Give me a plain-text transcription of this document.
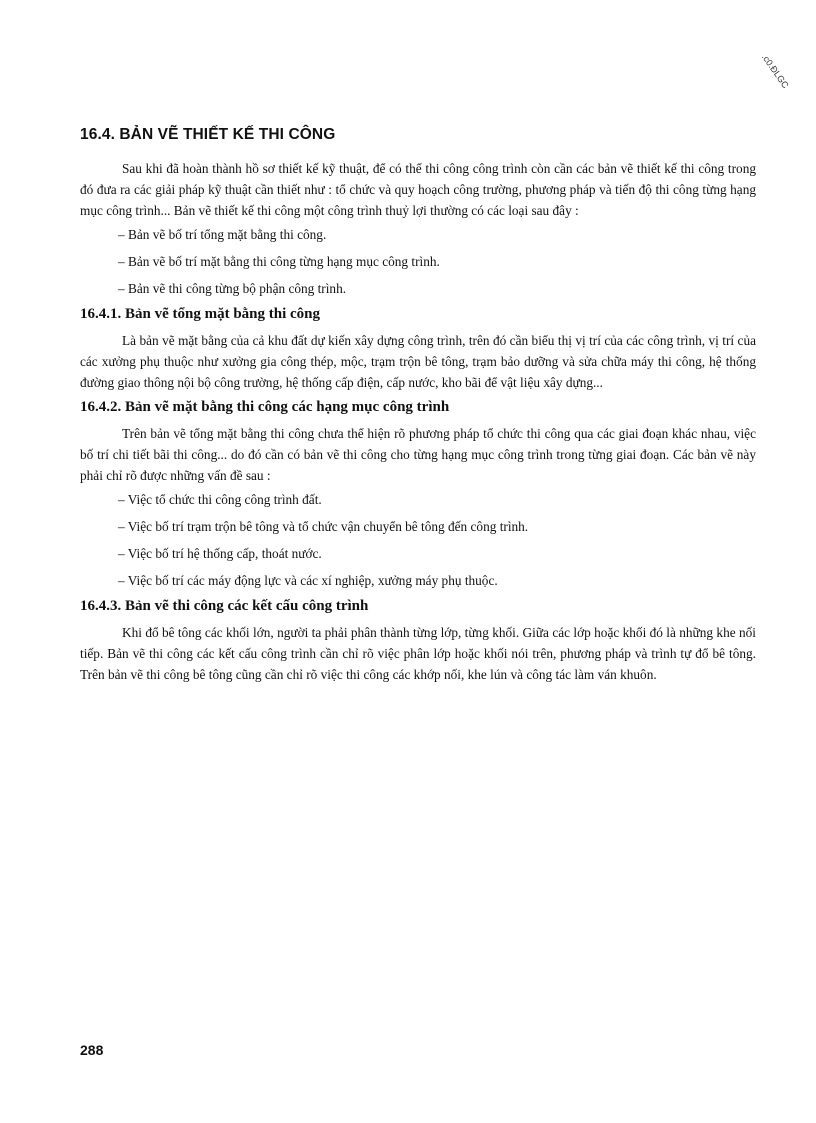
.c0.ĐLGC
16.4. BẢN VẼ THIẾT KẾ THI CÔNG

Sau khi đã hoàn thành hồ sơ thiết kế kỹ thuật, để có thể thi công công trình còn cần các bản vẽ thiết kế thi công trong đó đưa ra các giải pháp kỹ thuật cần thiết như : tổ chức và quy hoạch công trường, phương pháp và tiến độ thi công từng hạng mục công trình... Bản vẽ thiết kế thi công một công trình thuỷ lợi thường có các loại sau đây :

– Bản vẽ bố trí tổng mặt bằng thi công.
– Bản vẽ bố trí mặt bằng thi công từng hạng mục công trình.
– Bản vẽ thi công từng bộ phận công trình.
16.4.1. Bản vẽ tổng mặt bằng thi công

Là bản vẽ mặt bằng của cả khu đất dự kiến xây dựng công trình, trên đó cần biểu thị vị trí của các công trình, vị trí của các xưởng phụ thuộc như xưởng gia công thép, mộc, trạm trộn bê tông, trạm bảo dưỡng và sửa chữa máy thi công, hệ thống đường giao thông nội bộ công trường, hệ thống cấp điện, cấp nước, kho bãi để vật liệu xây dựng...

16.4.2. Bản vẽ mặt bằng thi công các hạng mục công trình

Trên bản vẽ tổng mặt bằng thi công chưa thể hiện rõ phương pháp tổ chức thi công qua các giai đoạn khác nhau, việc bố trí chi tiết bãi thi công... do đó cần có bản vẽ thi công cho từng hạng mục công trình trong từng giai đoạn. Các bản vẽ này phải chỉ rõ được những vấn đề sau :

– Việc tổ chức thi công công trình đất.
– Việc bố trí trạm trộn bê tông và tổ chức vận chuyển bê tông đến công trình.
– Việc bố trí hệ thống cấp, thoát nước.
– Việc bố trí các máy động lực và các xí nghiệp, xưởng máy phụ thuộc.
16.4.3. Bản vẽ thi công các kết cấu công trình

Khi đổ bê tông các khối lớn, người ta phải phân thành từng lớp, từng khối. Giữa các lớp hoặc khối đó là những khe nối tiếp. Bản vẽ thi công các kết cấu công trình cần chỉ rõ việc phân lớp hoặc khối nói trên, phương pháp và trình tự đổ bê tông. Trên bản vẽ thi công bê tông cũng cần chỉ rõ việc thi công các khớp nối, khe lún và công tác làm ván khuôn.

288
